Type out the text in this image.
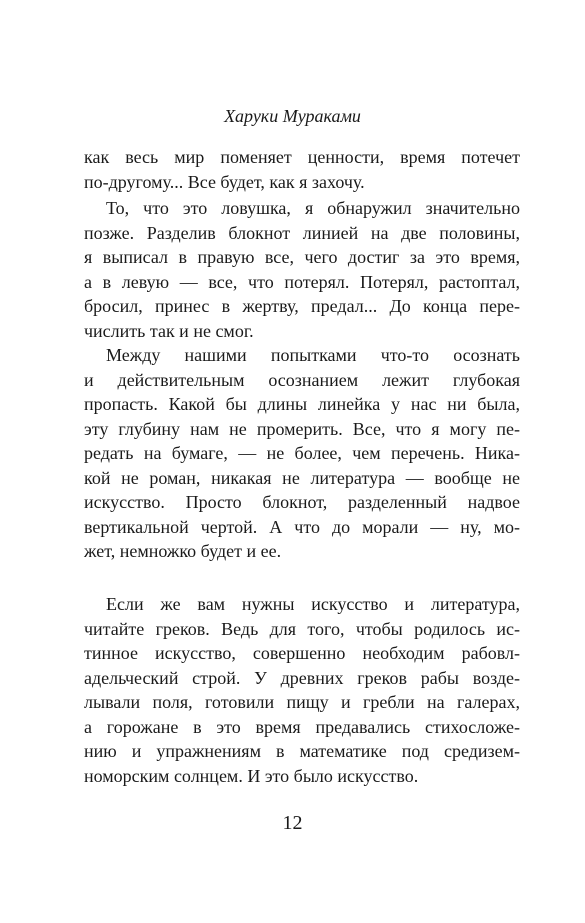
Харуки Мураками
как весь мир поменяет ценности, время потечет
по-другому... Все будет, как я захочу.
То, что это ловушка, я обнаружил значительно
позже. Разделив блокнот линией на две половины,
я выписал в правую все, чего достиг за это время,
а в левую — все, что потерял. Потерял, растоптал,
бросил, принес в жертву, предал... До конца пере-
числить так и не смог.
Между нашими попытками что-то осознать
и действительным осознанием лежит глубокая
пропасть. Какой бы длины линейка у нас ни была,
эту глубину нам не промерить. Все, что я могу пе-
редать на бумаге, — не более, чем перечень. Ника-
кой не роман, никакая не литература — вообще не
искусство. Просто блокнот, разделенный надвое
вертикальной чертой. А что до морали — ну, мо-
жет, немножко будет и ее.
Если же вам нужны искусство и литература,
читайте греков. Ведь для того, чтобы родилось ис-
тинное искусство, совершенно необходим рабовл-
адельческий строй. У древних греков рабы возде-
лывали поля, готовили пищу и гребли на галерах,
а горожане в это время предавались стихосложе-
нию и упражнениям в математике под средизем-
номорским солнцем. И это было искусство.
12
